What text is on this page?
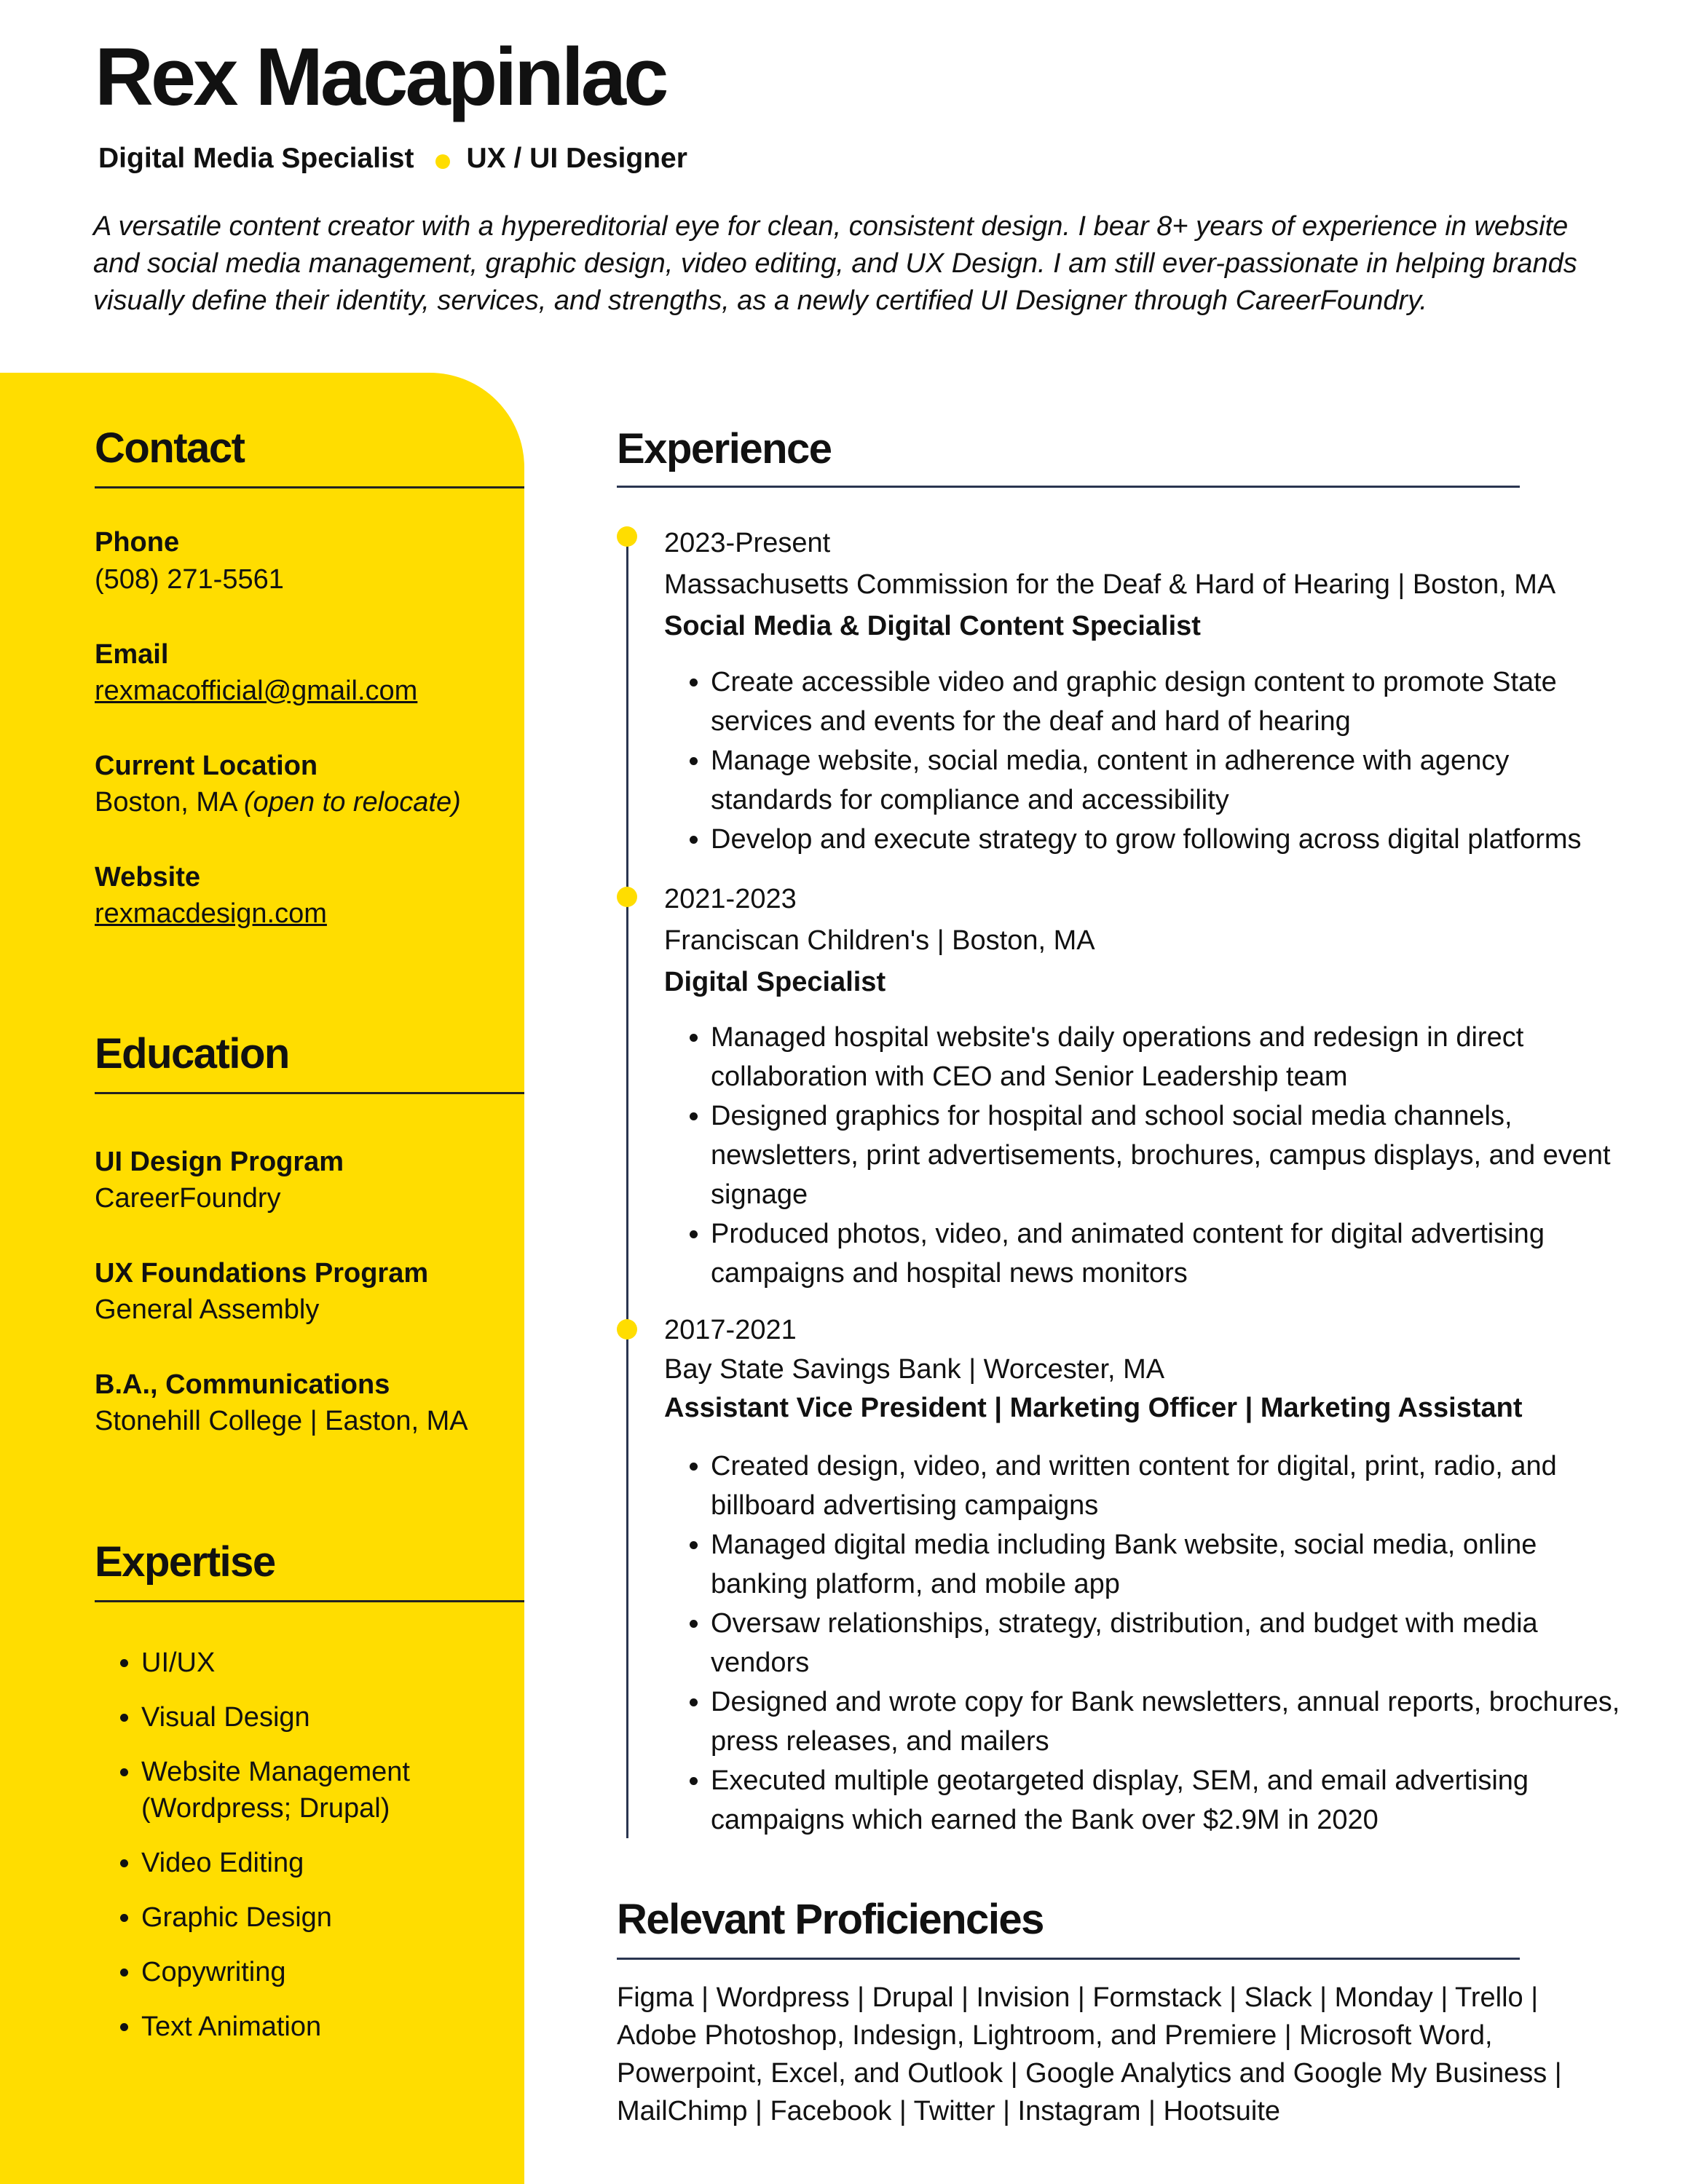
Rex Macapinlac
Digital Media Specialist UX / UI Designer

A versatile content creator with a hypereditorial eye for clean, consistent design. I bear 8+ years of experience in website and social media management, graphic design, video editing, and UX Design. I am still ever-passionate in helping brands visually define their identity, services, and strengths, as a newly certified UI Designer through CareerFoundry.

Contact
Phone
(508) 271-5561
Email
rexmacofficial@gmail.com
Current Location
Boston, MA (open to relocate)
Website
rexmacdesign.com
Education
UI Design Program
CareerFoundry
UX Foundations Program
General Assembly
B.A., Communications
Stonehill College | Easton, MA
Expertise
• UI/UX
• Visual Design
• Website Management (Wordpress; Drupal)
• Video Editing
• Graphic Design
• Copywriting
• Text Animation
Experience
2023-Present
Massachusetts Commission for the Deaf & Hard of Hearing | Boston, MA
Social Media & Digital Content Specialist
• Create accessible video and graphic design content to promote State services and events for the deaf and hard of hearing
• Manage website, social media, content in adherence with agency standards for compliance and accessibility
• Develop and execute strategy to grow following across digital platforms
2021-2023
Franciscan Children's | Boston, MA
Digital Specialist
• Managed hospital website's daily operations and redesign in direct collaboration with CEO and Senior Leadership team
• Designed graphics for hospital and school social media channels, newsletters, print advertisements, brochures, campus displays, and event signage
• Produced photos, video, and animated content for digital advertising campaigns and hospital news monitors
2017-2021
Bay State Savings Bank | Worcester, MA
Assistant Vice President | Marketing Officer | Marketing Assistant
• Created design, video, and written content for digital, print, radio, and billboard advertising campaigns
• Managed digital media including Bank website, social media, online banking platform, and mobile app
• Oversaw relationships, strategy, distribution, and budget with media vendors
• Designed and wrote copy for Bank newsletters, annual reports, brochures, press releases, and mailers
• Executed multiple geotargeted display, SEM, and email advertising campaigns which earned the Bank over $2.9M in 2020
Relevant Proficiencies

Figma | Wordpress | Drupal | Invision | Formstack | Slack | Monday | Trello | Adobe Photoshop, Indesign, Lightroom, and Premiere | Microsoft Word, Powerpoint, Excel, and Outlook | Google Analytics and Google My Business | MailChimp | Facebook | Twitter | Instagram | Hootsuite
